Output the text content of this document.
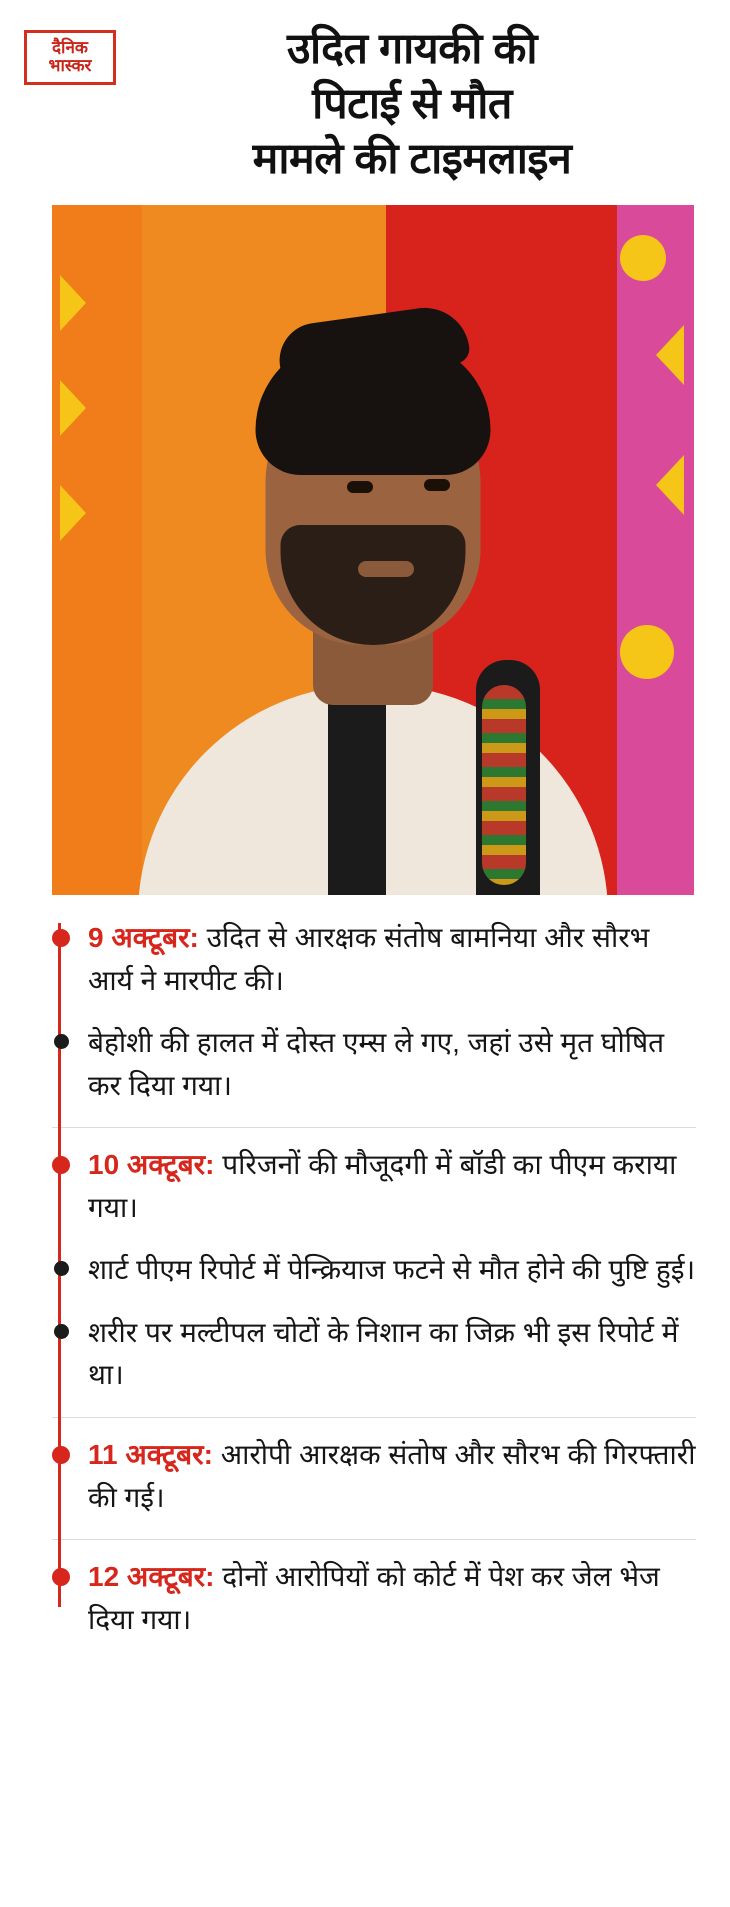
दैनिक
भास्कर	उदित गायकी की
पिटाई से मौत
मामले की टाइमलाइन

9 अक्टूबर: उदित से आरक्षक संतोष बामनिया और सौरभ आर्य ने मारपीट की।

बेहोशी की हालत में दोस्त एम्स ले गए, जहां उसे मृत घोषित कर दिया गया।

10 अक्टूबर: परिजनों की मौजूदगी में बॉडी का पीएम कराया गया।

शार्ट पीएम रिपोर्ट में पेन्क्रियाज फटने से मौत होने की पुष्टि हुई।

शरीर पर मल्टीपल चोटों के निशान का जिक्र भी इस रिपोर्ट में था।

11 अक्टूबर: आरोपी आरक्षक संतोष और सौरभ की गिरफ्तारी की गई।

12 अक्टूबर: दोनों आरोपियों को कोर्ट में पेश कर जेल भेज दिया गया।
